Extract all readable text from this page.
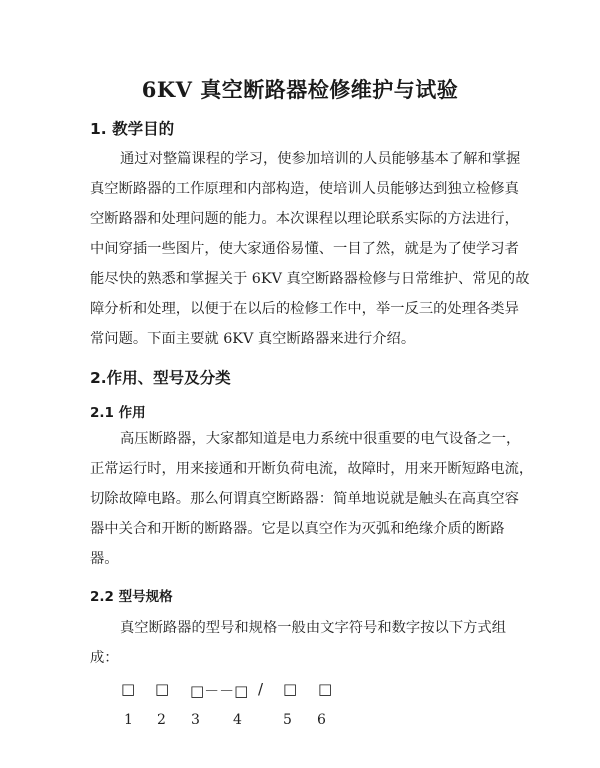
6KV 真空断路器检修维护与试验
1. 教学目的
通过对整篇课程的学习，使参加培训的人员能够基本了解和掌握
真空断路器的工作原理和内部构造，使培训人员能够达到独立检修真
空断路器和处理问题的能力。本次课程以理论联系实际的方法进行，
中间穿插一些图片，使大家通俗易懂、一目了然，就是为了使学习者
能尽快的熟悉和掌握关于 6KV 真空断路器检修与日常维护、常见的故
障分析和处理，以便于在以后的检修工作中，举一反三的处理各类异
常问题。下面主要就 6KV 真空断路器来进行介绍。
2.作用、型号及分类
2.1 作用
高压断路器，大家都知道是电力系统中很重要的电气设备之一，
正常运行时，用来接通和开断负荷电流，故障时，用来开断短路电流，
切除故障电路。那么何谓真空断路器：简单地说就是触头在高真空容
器中关合和开断的断路器。它是以真空作为灭弧和绝缘介质的断路
器。
2.2 型号规格
真空断路器的型号和规格一般由文字符号和数字按以下方式组
成：
□ □ □－－□ / □ □
1 2 3 4	5 6
